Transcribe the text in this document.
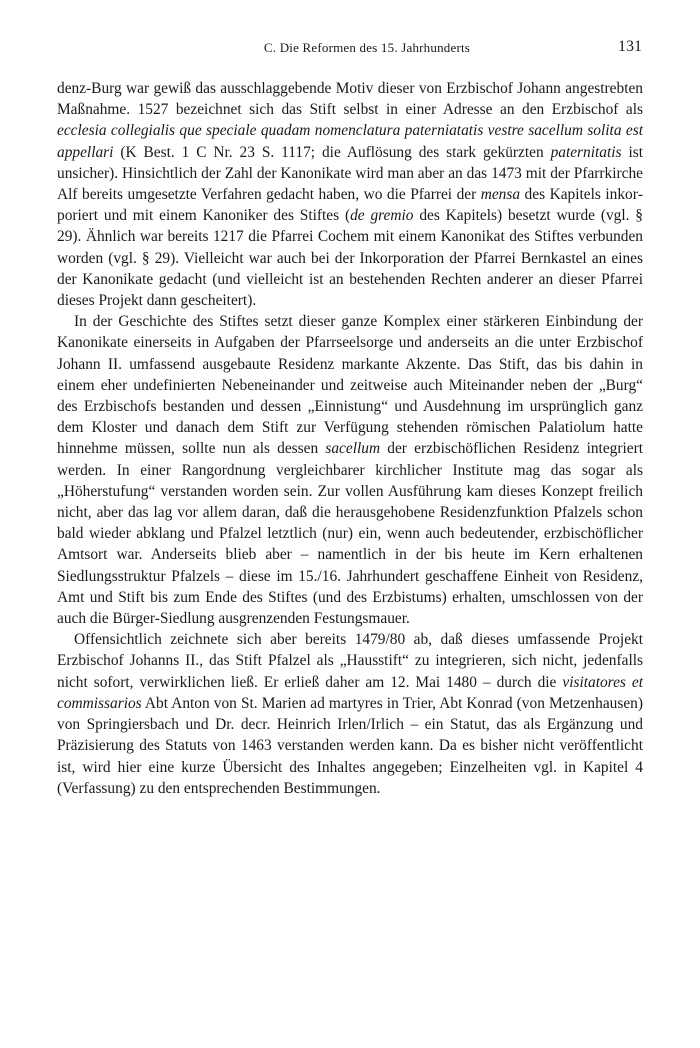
C. Die Reformen des 15. Jahrhunderts	131

denz-Burg war gewiß das ausschlaggebende Motiv dieser von Erzbischof Johann angestrebten Maßnahme. 1527 bezeichnet sich das Stift selbst in einer Adresse an den Erzbischof als ecclesia collegialis que speciale quadam nomenclatura paterniatatis vestre sacellum solita est appellari (K Best. 1 C Nr. 23 S. 1117; die Auflösung des stark gekürzten paternitatis ist unsicher). Hinsichtlich der Zahl der Kanonikate wird man aber an das 1473 mit der Pfarrkirche Alf bereits umgesetzte Verfahren gedacht haben, wo die Pfarrei der mensa des Kapitels inkorporiert und mit einem Kanoniker des Stiftes (de gremio des Kapitels) besetzt wurde (vgl. § 29). Ähnlich war bereits 1217 die Pfarrei Cochem mit einem Kanonikat des Stiftes verbunden worden (vgl. § 29). Vielleicht war auch bei der Inkorporation der Pfarrei Bernkastel an eines der Kanonikate gedacht (und vielleicht ist an bestehenden Rechten anderer an dieser Pfarrei dieses Projekt dann gescheitert).

In der Geschichte des Stiftes setzt dieser ganze Komplex einer stärkeren Einbindung der Kanonikate einerseits in Aufgaben der Pfarrseelsorge und anderseits an die unter Erzbischof Johann II. umfassend ausgebaute Residenz markante Akzente. Das Stift, das bis dahin in einem eher undefinierten Nebeneinander und zeitweise auch Miteinander neben der „Burg“ des Erzbischofs bestanden und dessen „Einnistung“ und Ausdehnung im ursprünglich ganz dem Kloster und danach dem Stift zur Verfügung stehenden römischen Palatiolum hatte hinnehme müssen, sollte nun als dessen sacellum der erzbischöflichen Residenz integriert werden. In einer Rangordnung vergleichbarer kirchlicher Institute mag das sogar als „Höherstufung“ verstanden worden sein. Zur vollen Ausführung kam dieses Konzept freilich nicht, aber das lag vor allem daran, daß die herausgehobene Residenzfunktion Pfalzels schon bald wieder abklang und Pfalzel letztlich (nur) ein, wenn auch bedeutender, erzbischöflicher Amtsort war. Anderseits blieb aber – namentlich in der bis heute im Kern erhaltenen Siedlungsstruktur Pfalzels – diese im 15./16. Jahrhundert geschaffene Einheit von Residenz, Amt und Stift bis zum Ende des Stiftes (und des Erzbistums) erhalten, umschlossen von der auch die Bürger-Siedlung ausgrenzenden Festungsmauer.

Offensichtlich zeichnete sich aber bereits 1479/80 ab, daß dieses umfassende Projekt Erzbischof Johanns II., das Stift Pfalzel als „Hausstift“ zu integrieren, sich nicht, jedenfalls nicht sofort, verwirklichen ließ. Er erließ daher am 12. Mai 1480 – durch die visitatores et commissarios Abt Anton von St. Marien ad martyres in Trier, Abt Konrad (von Metzenhausen) von Springiersbach und Dr. decr. Heinrich Irlen/Irlich – ein Statut, das als Ergänzung und Präzisierung des Statuts von 1463 verstanden werden kann. Da es bisher nicht veröffentlicht ist, wird hier eine kurze Übersicht des Inhaltes angegeben; Einzelheiten vgl. in Kapitel 4 (Verfassung) zu den entsprechenden Bestimmungen.
